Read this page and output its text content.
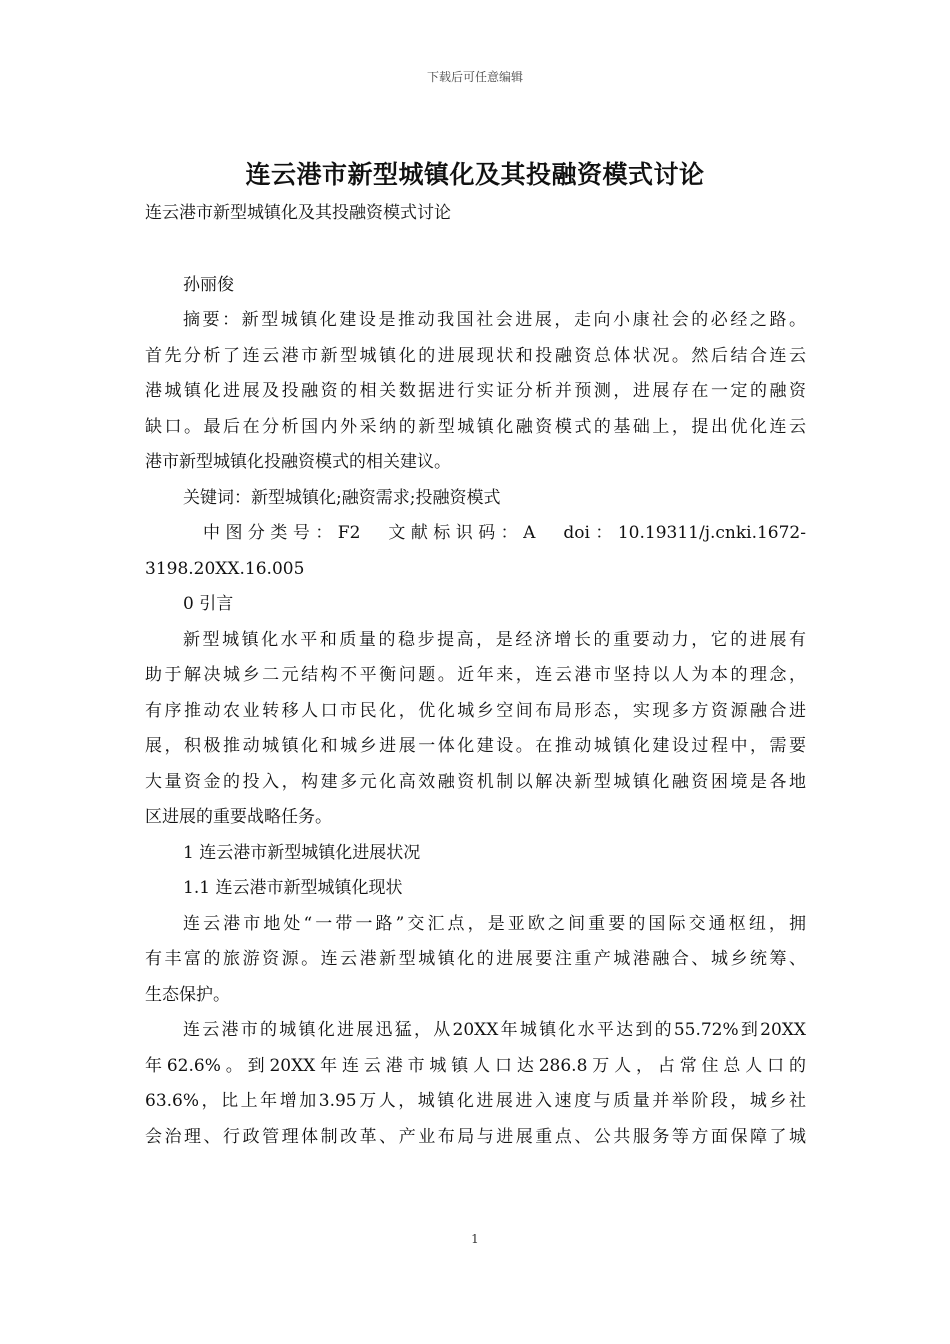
下载后可任意编辑
连云港市新型城镇化及其投融资模式讨论
连云港市新型城镇化及其投融资模式讨论
孙丽俊
摘要：新型城镇化建设是推动我国社会进展，走向小康社会的必经之路。
首先分析了连云港市新型城镇化的进展现状和投融资总体状况。然后结合连云
港城镇化进展及投融资的相关数据进行实证分析并预测，进展存在一定的融资
缺口。最后在分析国内外采纳的新型城镇化融资模式的基础上，提出优化连云
港市新型城镇化投融资模式的相关建议。
关键词：新型城镇化;融资需求;投融资模式
中图分类号：F2　文献标识码：A　doi：10.19311/j.cnki.1672-
3198.20XX.16.005
0 引言
新型城镇化水平和质量的稳步提高，是经济增长的重要动力，它的进展有
助于解决城乡二元结构不平衡问题。近年来，连云港市坚持以人为本的理念，
有序推动农业转移人口市民化，优化城乡空间布局形态，实现多方资源融合进
展，积极推动城镇化和城乡进展一体化建设。在推动城镇化建设过程中，需要
大量资金的投入，构建多元化高效融资机制以解决新型城镇化融资困境是各地
区进展的重要战略任务。
1 连云港市新型城镇化进展状况
1.1 连云港市新型城镇化现状
连云港市地处“一带一路”交汇点，是亚欧之间重要的国际交通枢纽，拥
有丰富的旅游资源。连云港新型城镇化的进展要注重产城港融合、城乡统筹、
生态保护。
连云港市的城镇化进展迅猛，从20XX年城镇化水平达到的55.72%到20XX
年62.6%。到20XX年连云港市城镇人口达286.8万人，占常住总人口的
63.6%，比上年增加3.95万人，城镇化进展进入速度与质量并举阶段，城乡社
会治理、行政管理体制改革、产业布局与进展重点、公共服务等方面保障了城
1
